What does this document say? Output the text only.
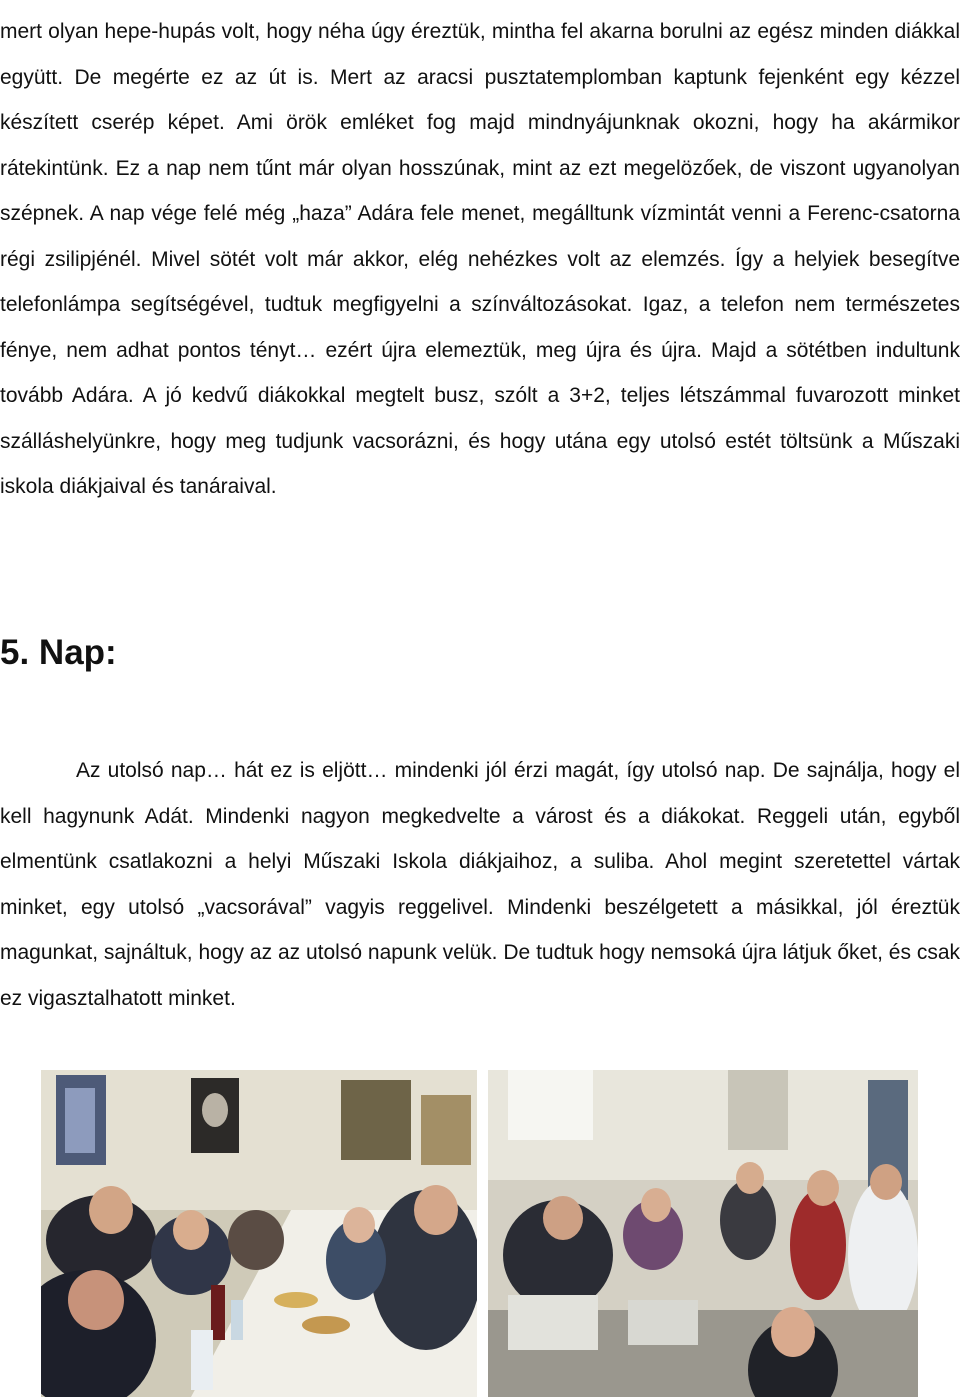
mert olyan hepe-hupás volt, hogy néha úgy éreztük, mintha fel akarna borulni az egész minden diákkal együtt. De megérte ez az út is. Mert az aracsi pusztatemplomban kaptunk fejenként egy kézzel készített cserép képet. Ami örök emléket fog majd mindnyájunknak okozni, hogy ha akármikor rátekintünk. Ez a nap nem tűnt már olyan hosszúnak, mint az ezt megelözőek, de viszont ugyanolyan szépnek. A nap vége felé még „haza” Adára fele menet, megálltunk vízmintát venni a Ferenc-csatorna régi zsilipjénél. Mivel sötét volt már akkor, elég nehézkes volt az elemzés. Így a helyiek besegítve telefonlámpa segítségével, tudtuk megfigyelni a színváltozásokat. Igaz, a telefon nem természetes fénye, nem adhat pontos tényt… ezért újra elemeztük, meg újra és újra. Majd a sötétben indultunk tovább Adára. A jó kedvű diákokkal megtelt busz, szólt a 3+2, teljes létszámmal fuvarozott minket szálláshelyünkre, hogy meg tudjunk vacsorázni, és hogy utána egy utolsó estét töltsünk a Műszaki iskola diákjaival és tanáraival.

5. Nap:

Az utolsó nap… hát ez is eljött… mindenki jól érzi magát, így utolsó nap. De sajnálja, hogy el kell hagynunk Adát. Mindenki nagyon megkedvelte a várost és a diákokat. Reggeli után, egyből elmentünk csatlakozni a helyi Műszaki Iskola diákjaihoz, a suliba. Ahol megint szeretettel vártak minket, egy utolsó „vacsorával” vagyis reggelivel. Mindenki beszélgetett a másikkal, jól éreztük magunkat, sajnáltuk, hogy az az utolsó napunk velük. De tudtuk hogy nemsoká újra látjuk őket, és csak ez vigasztalhatott minket.
